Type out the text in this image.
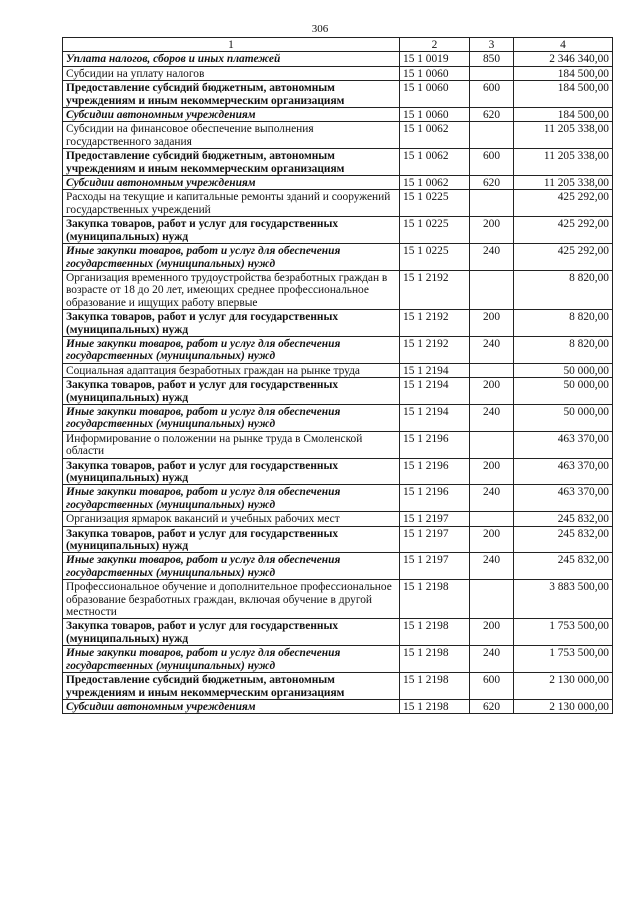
306
1	2	3	4
Уплата налогов, сборов и иных платежей	15 1 0019	850	2 346 340,00
Субсидии на уплату налогов	15 1 0060		184 500,00
Предоставление субсидий бюджетным, автономным учреждениям и иным некоммерческим организациям	15 1 0060	600	184 500,00
Субсидии автономным учреждениям	15 1 0060	620	184 500,00
Субсидии на финансовое обеспечение выполнения государственного задания	15 1 0062		11 205 338,00
Предоставление субсидий бюджетным, автономным учреждениям и иным некоммерческим организациям	15 1 0062	600	11 205 338,00
Субсидии автономным учреждениям	15 1 0062	620	11 205 338,00
Расходы на текущие и капитальные ремонты зданий и сооружений государственных учреждений	15 1 0225		425 292,00
Закупка товаров, работ и услуг для государственных (муниципальных) нужд	15 1 0225	200	425 292,00
Иные закупки товаров, работ и услуг для обеспечения государственных (муниципальных) нужд	15 1 0225	240	425 292,00
Организация временного трудоустройства безработных граждан в возрасте от 18 до 20 лет, имеющих среднее профессиональное образование и ищущих работу впервые	15 1 2192		8 820,00
Закупка товаров, работ и услуг для государственных (муниципальных) нужд	15 1 2192	200	8 820,00
Иные закупки товаров, работ и услуг для обеспечения государственных (муниципальных) нужд	15 1 2192	240	8 820,00
Социальная адаптация безработных граждан на рынке труда	15 1 2194		50 000,00
Закупка товаров, работ и услуг для государственных (муниципальных) нужд	15 1 2194	200	50 000,00
Иные закупки товаров, работ и услуг для обеспечения государственных (муниципальных) нужд	15 1 2194	240	50 000,00
Информирование о положении на рынке труда в Смоленской области	15 1 2196		463 370,00
Закупка товаров, работ и услуг для государственных (муниципальных) нужд	15 1 2196	200	463 370,00
Иные закупки товаров, работ и услуг для обеспечения государственных (муниципальных) нужд	15 1 2196	240	463 370,00
Организация ярмарок вакансий и учебных рабочих мест	15 1 2197		245 832,00
Закупка товаров, работ и услуг для государственных (муниципальных) нужд	15 1 2197	200	245 832,00
Иные закупки товаров, работ и услуг для обеспечения государственных (муниципальных) нужд	15 1 2197	240	245 832,00
Профессиональное обучение и дополнительное профессиональное образование безработных граждан, включая обучение в другой местности	15 1 2198		3 883 500,00
Закупка товаров, работ и услуг для государственных (муниципальных) нужд	15 1 2198	200	1 753 500,00
Иные закупки товаров, работ и услуг для обеспечения государственных (муниципальных) нужд	15 1 2198	240	1 753 500,00
Предоставление субсидий бюджетным, автономным учреждениям и иным некоммерческим организациям	15 1 2198	600	2 130 000,00
Субсидии автономным учреждениям	15 1 2198	620	2 130 000,00
